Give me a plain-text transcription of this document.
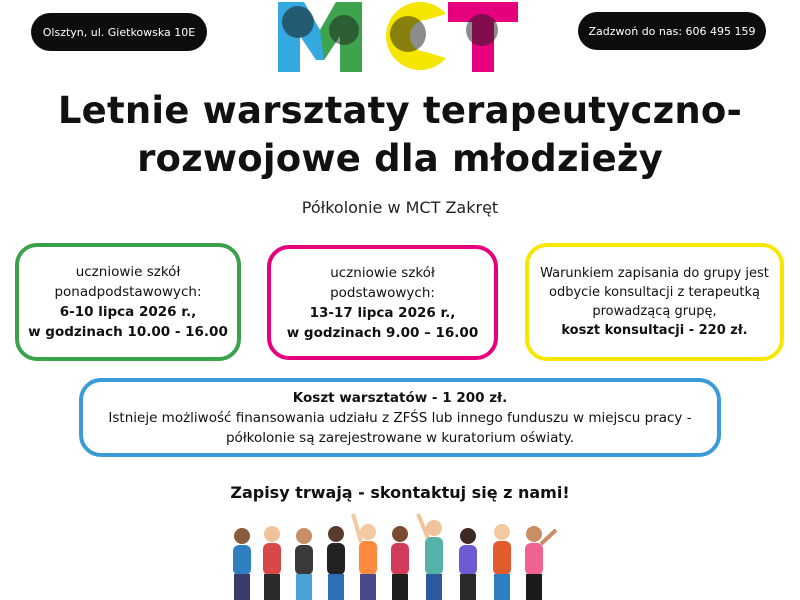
Olsztyn, ul. Gietkowska 10E	Zadzwoń do nas: 606 495 159
Letnie warsztaty terapeutyczno-
rozwojowe dla młodzieży
Półkolonie w MCT Zakręt
uczniowie szkół
ponadpodstawowych:
6-10 lipca 2026 r.,
w godzinach 10.00 - 16.00
uczniowie szkół
podstawowych:
13-17 lipca 2026 r.,
w godzinach 9.00 – 16.00
Warunkiem zapisania do grupy jest
odbycie konsultacji z terapeutką
prowadzącą grupę,
koszt konsultacji - 220 zł.
Koszt warsztatów - 1 200 zł.
Istnieje możliwość finansowania udziału z ZFŚS lub innego funduszu w miejscu pracy -
półkolonie są zarejestrowane w kuratorium oświaty.
Zapisy trwają - skontaktuj się z nami!
